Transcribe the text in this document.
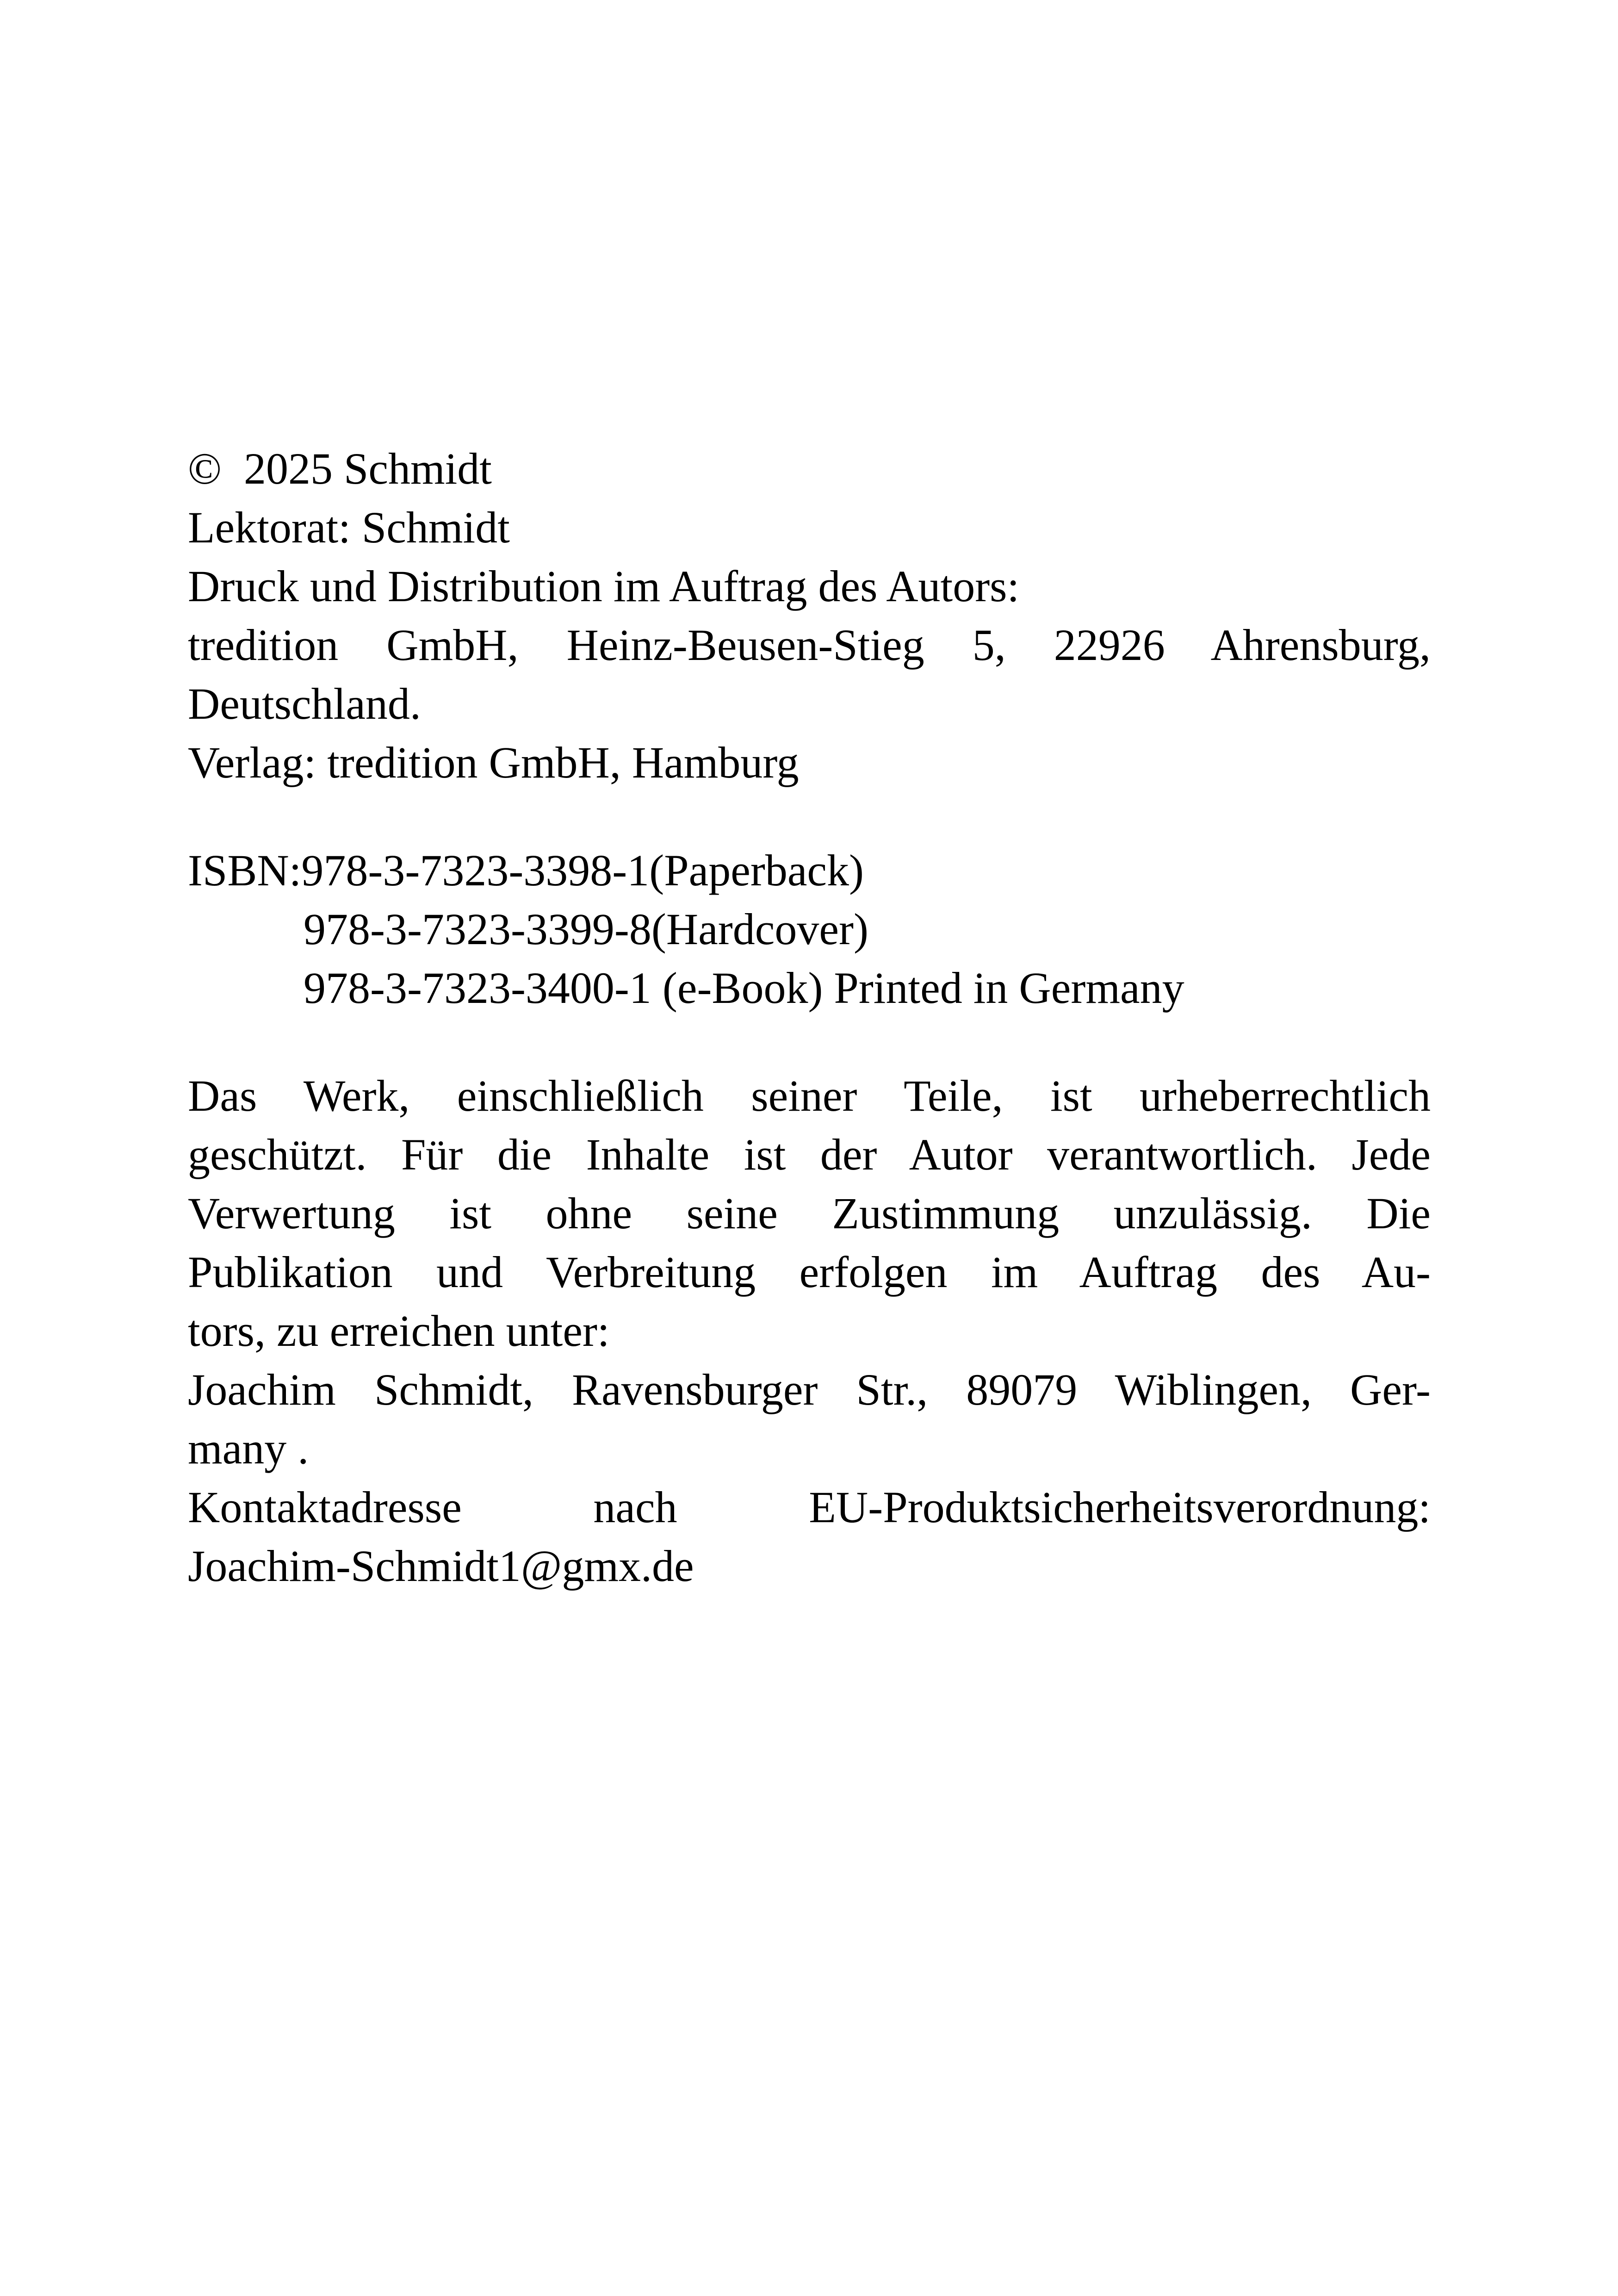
©  2025 Schmidt
Lektorat: Schmidt
Druck und Distribution im Auftrag des Autors:
tredition GmbH, Heinz-Beusen-Stieg 5, 22926 Ahrensburg,
Deutschland.
Verlag: tredition GmbH, Hamburg
ISBN:978-3-7323-3398-1(Paperback)
978-3-7323-3399-8(Hardcover)
978-3-7323-3400-1 (e-Book) Printed in Germany
Das Werk, einschließlich seiner Teile, ist urheberrechtlich
geschützt. Für die Inhalte ist der Autor verantwortlich. Jede
Verwertung ist ohne seine Zustimmung unzulässig. Die
Publikation und Verbreitung erfolgen im Auftrag des Au-
tors, zu erreichen unter:
Joachim Schmidt, Ravensburger Str., 89079 Wiblingen, Ger-
many .
Kontaktadresse nach EU-Produktsicherheitsverordnung:
Joachim-Schmidt1@gmx.de
